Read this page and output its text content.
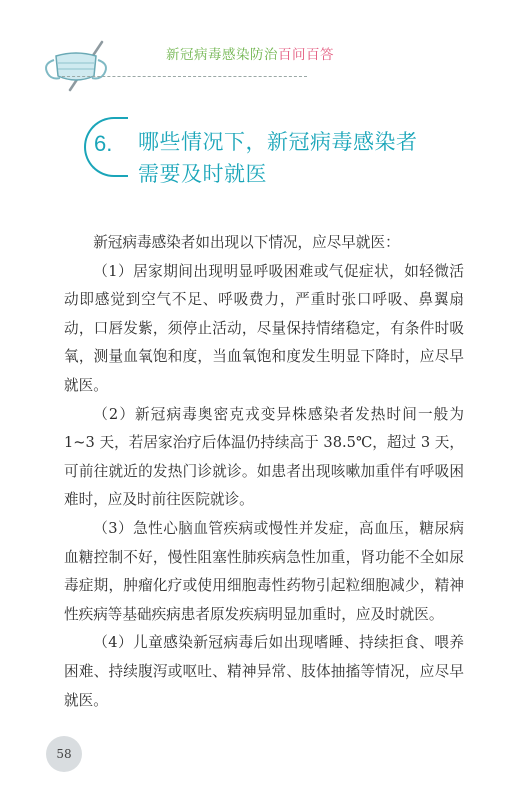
新冠病毒感染防治百问百答
6. 哪些情况下，新冠病毒感染者
需要及时就医

新冠病毒感染者如出现以下情况，应尽早就医：

（1）居家期间出现明显呼吸困难或气促症状，如轻微活动即感觉到空气不足、呼吸费力，严重时张口呼吸、鼻翼扇动，口唇发紫，须停止活动，尽量保持情绪稳定，有条件时吸氧，测量血氧饱和度，当血氧饱和度发生明显下降时，应尽早就医。

（2）新冠病毒奥密克戎变异株感染者发热时间一般为 1~3 天，若居家治疗后体温仍持续高于 38.5℃，超过 3 天，可前往就近的发热门诊就诊。如患者出现咳嗽加重伴有呼吸困难时，应及时前往医院就诊。

（3）急性心脑血管疾病或慢性并发症，高血压，糖尿病血糖控制不好，慢性阻塞性肺疾病急性加重，肾功能不全如尿毒症期，肿瘤化疗或使用细胞毒性药物引起粒细胞减少，精神性疾病等基础疾病患者原发疾病明显加重时，应及时就医。

（4）儿童感染新冠病毒后如出现嗜睡、持续拒食、喂养困难、持续腹泻或呕吐、精神异常、肢体抽搐等情况，应尽早就医。

58
